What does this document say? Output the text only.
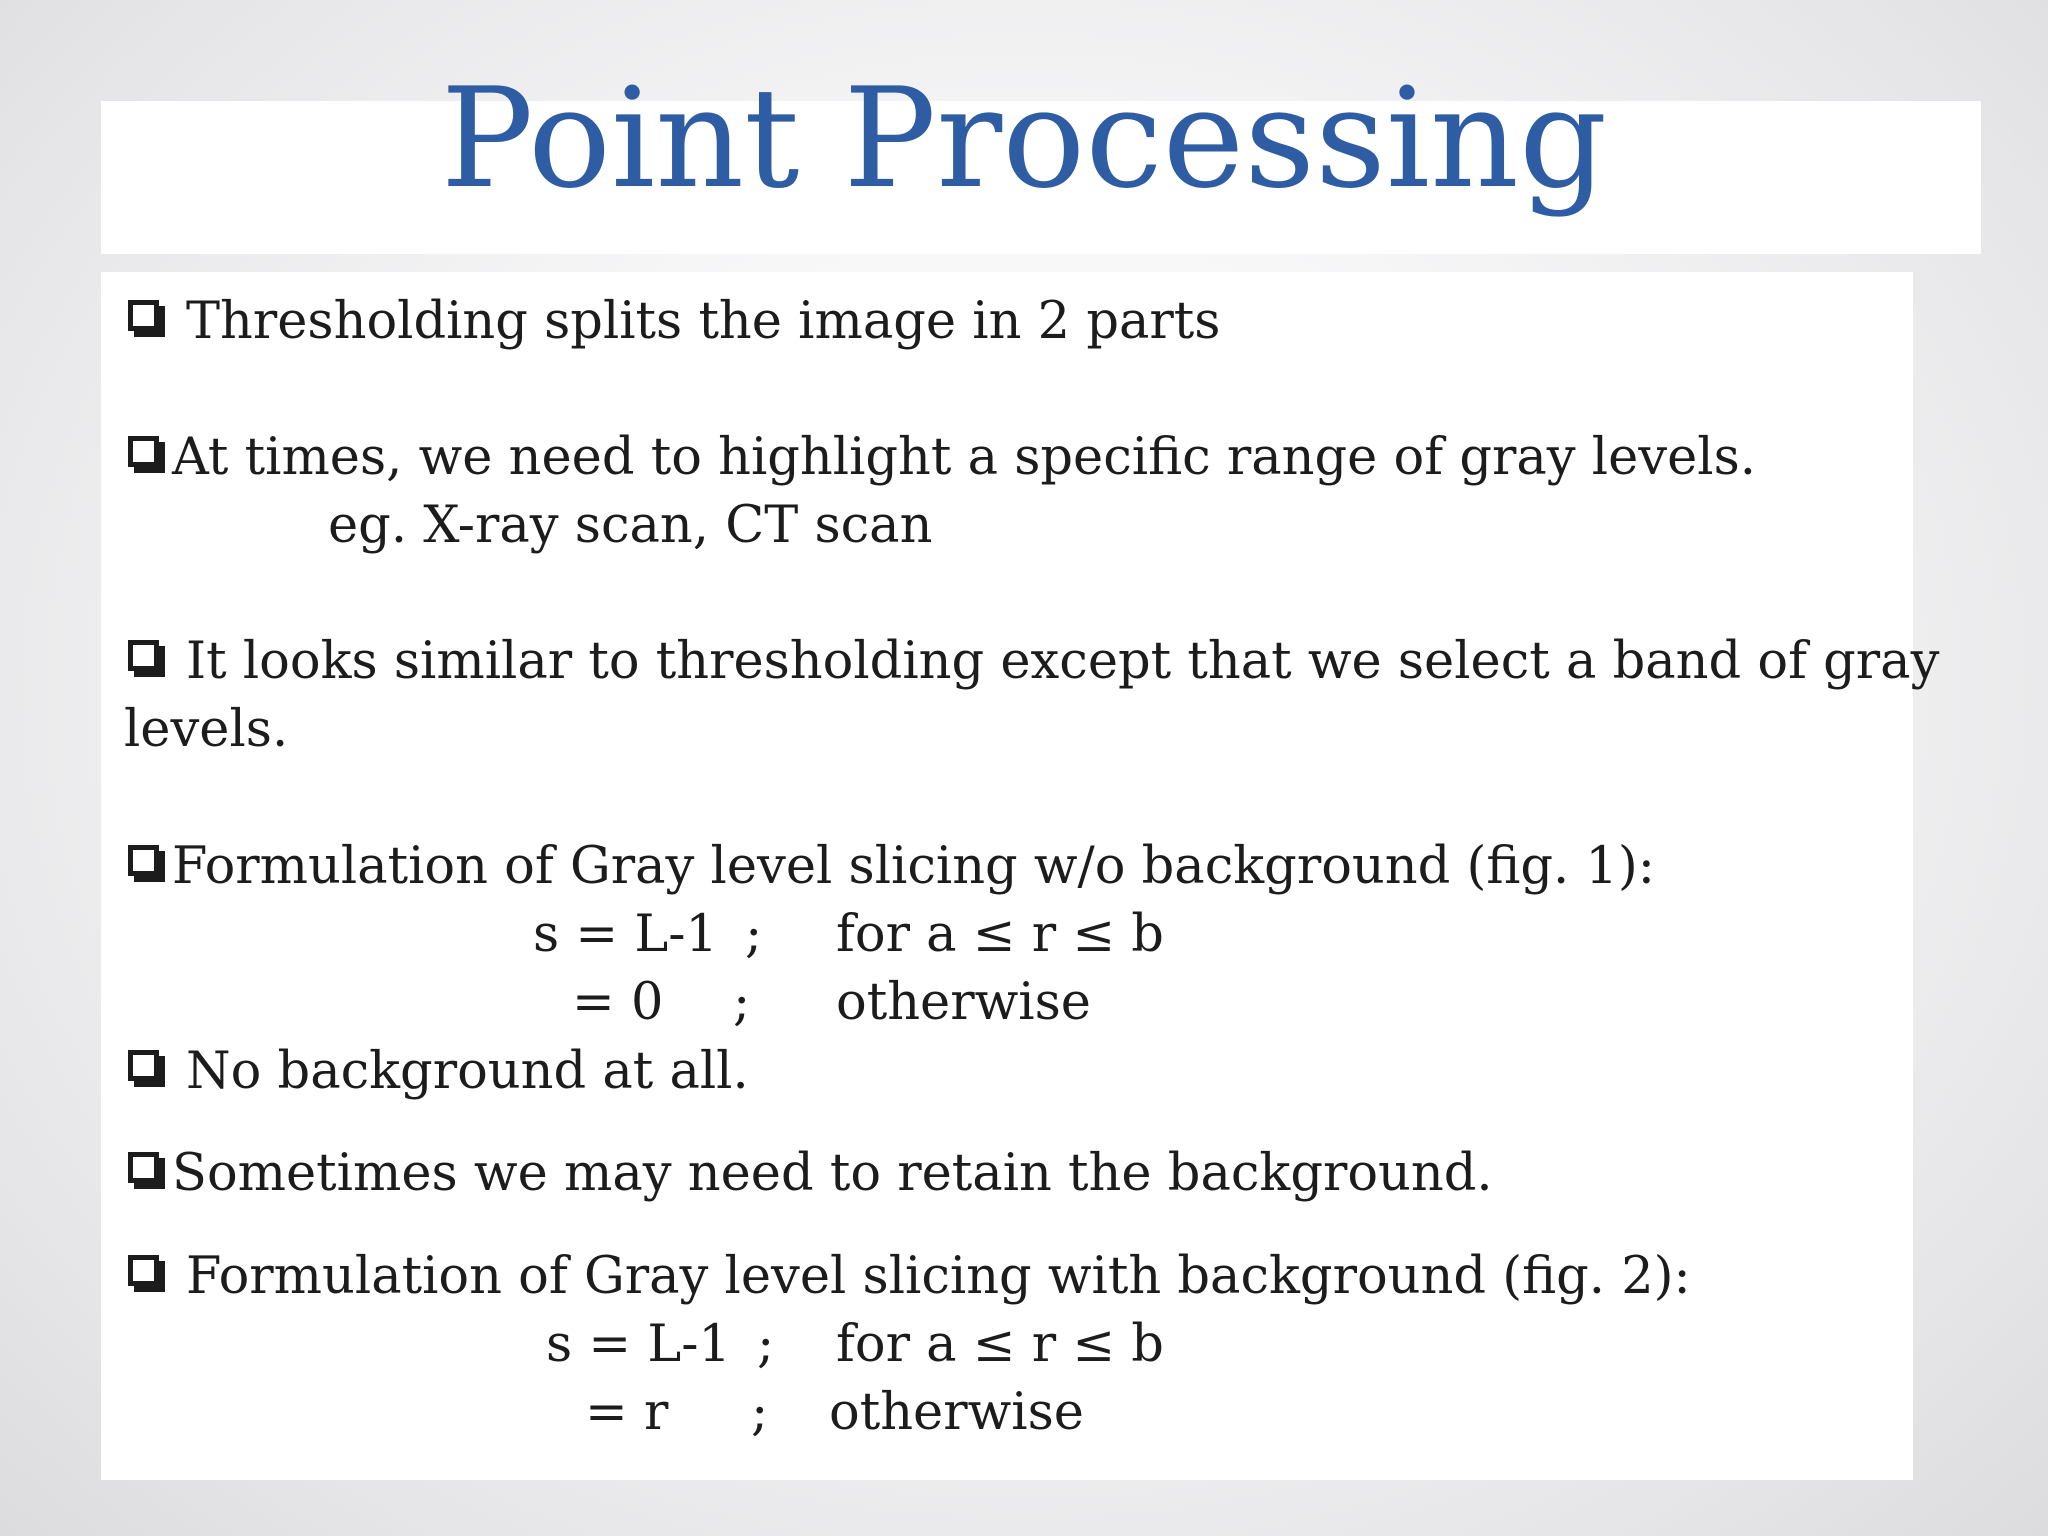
Point Processing
Thresholding splits the image in 2 parts
At times, we need to highlight a specific range of gray levels.
eg. X-ray scan, CT scan
It looks similar to thresholding except that we select a band of gray
levels.
Formulation of Gray level slicing w/o background (fig. 1):
s = L-1 ; for a ≤ r ≤ b
= 0 ; otherwise
No background at all.
Sometimes we may need to retain the background.
Formulation of Gray level slicing with background (fig. 2):
s = L-1 ; for a ≤ r ≤ b
= r ; otherwise
